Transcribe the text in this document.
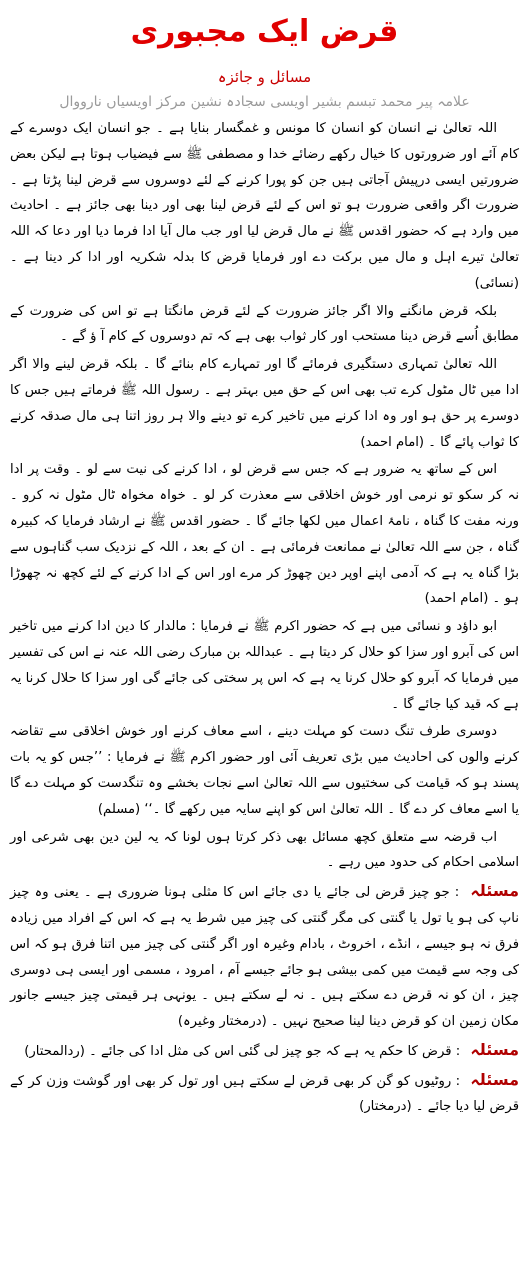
قرض ایک مجبوری
مسائل و جائزہ
علامہ پیر محمد تبسم بشیر اویسی سجادہ نشین مرکز اویسیاں نارووال

اللہ تعالیٰ نے انسان کو انسان کا مونس و غمگسار بنایا ہے ۔ جو انسان ایک دوسرے کے کام آئے اور ضرورتوں کا خیال رکھے رضائے خدا و مصطفی ﷺ سے فیضیاب ہوتا ہے لیکن بعض ضرورتیں ایسی درپیش آجاتی ہیں جن کو پورا کرنے کے لئے دوسروں سے قرض لینا پڑتا ہے ۔ ضرورت اگر واقعی ضرورت ہو تو اس کے لئے قرض لینا بھی اور دینا بھی جائز ہے ۔ احادیث میں وارد ہے کہ حضور اقدس ﷺ نے مال قرض لیا اور جب مال آیا ادا فرما دیا اور دعا کہ اللہ تعالیٰ تیرے اہل و مال میں برکت دے اور فرمایا قرض کا بدلہ شکریہ اور ادا کر دینا ہے ۔ (نسائی)

بلکہ قرض مانگنے والا اگر جائز ضرورت کے لئے قرض مانگتا ہے تو اس کی ضرورت کے مطابق اُسے قرض دینا مستحب اور کار ثواب بھی ہے کہ تم دوسروں کے کام آ ؤ گے ۔

اللہ تعالیٰ تمہاری دستگیری فرمائے گا اور تمہارے کام بنائے گا ۔ بلکہ قرض لینے والا اگر ادا میں ٹال مٹول کرے تب بھی اس کے حق میں بہتر ہے ۔ رسول اللہ ﷺ فرماتے ہیں جس کا دوسرے پر حق ہو اور وہ ادا کرنے میں تاخیر کرے تو دینے والا ہر روز اتنا ہی مال صدقہ کرنے کا ثواب پائے گا ۔ (امام احمد)

اس کے ساتھ یہ ضرور ہے کہ جس سے قرض لو ، ادا کرنے کی نیت سے لو ۔ وقت پر ادا نہ کر سکو تو نرمی اور خوش اخلاقی سے معذرت کر لو ۔ خواہ مخواہ ٹال مٹول نہ کرو ۔ ورنہ مفت کا گناہ ، نامۂ اعمال میں لکھا جائے گا ۔ حضور اقدس ﷺ نے ارشاد فرمایا کہ کبیرہ گناہ ، جن سے اللہ تعالیٰ نے ممانعت فرمائی ہے ۔ ان کے بعد ، اللہ کے نزدیک سب گناہوں سے بڑا گناہ یہ ہے کہ آدمی اپنے اوپر دین چھوڑ کر مرے اور اس کے ادا کرنے کے لئے کچھ نہ چھوڑا ہو ۔ (امام احمد)

ابو داؤد و نسائی میں ہے کہ حضور اکرم ﷺ نے فرمایا : مالدار کا دین ادا کرنے میں تاخیر اس کی آبرو اور سزا کو حلال کر دیتا ہے ۔ عبداللہ بن مبارک رضی اللہ عنہ نے اس کی تفسیر میں فرمایا کہ آبرو کو حلال کرنا یہ ہے کہ اس پر سختی کی جائے گی اور سزا کا حلال کرنا یہ ہے کہ قید کیا جائے گا ۔

دوسری طرف تنگ دست کو مہلت دینے ، اسے معاف کرنے اور خوش اخلاقی سے تقاضہ کرنے والوں کی احادیث میں بڑی تعریف آئی اور حضور اکرم ﷺ نے فرمایا : ’’جس کو یہ بات پسند ہو کہ قیامت کی سختیوں سے اللہ تعالیٰ اسے نجات بخشے وہ تنگدست کو مہلت دے گا یا اسے معاف کر دے گا ۔ اللہ تعالیٰ اس کو اپنے سایہ میں رکھے گا ۔‘‘ (مسلم)

اب قرضہ سے متعلق کچھ مسائل بھی ذکر کرتا ہوں لونا کہ یہ لین دین بھی شرعی اور اسلامی احکام کی حدود میں رہے ۔

مسئلہ : جو چیز قرض لی جائے یا دی جائے اس کا مثلی ہونا ضروری ہے ۔ یعنی وہ چیز ناپ کی ہو یا تول یا گنتی کی مگر گنتی کی چیز میں شرط یہ ہے کہ اس کے افراد میں زیادہ فرق نہ ہو جیسے ، انڈے ، اخروٹ ، بادام وغیرہ اور اگر گنتی کی چیز میں اتنا فرق ہو کہ اس کی وجہ سے قیمت میں کمی بیشی ہو جائے جیسے آم ، امرود ، مسمی اور ایسی ہی دوسری چیز ، ان کو نہ قرض دے سکتے ہیں ۔ نہ لے سکتے ہیں ۔ یونہی ہر قیمتی چیز جیسے جانور مکان زمین ان کو قرض دینا لینا صحیح نہیں ۔ (درمختار وغیرہ)

مسئلہ : قرض کا حکم یہ ہے کہ جو چیز لی گئی اس کی مثل ادا کی جائے ۔ (ردالمحتار)

مسئلہ : روٹیوں کو گن کر بھی قرض لے سکتے ہیں اور تول کر بھی اور گوشت وزن کر کے قرض لیا دیا جائے ۔ (درمختار)
